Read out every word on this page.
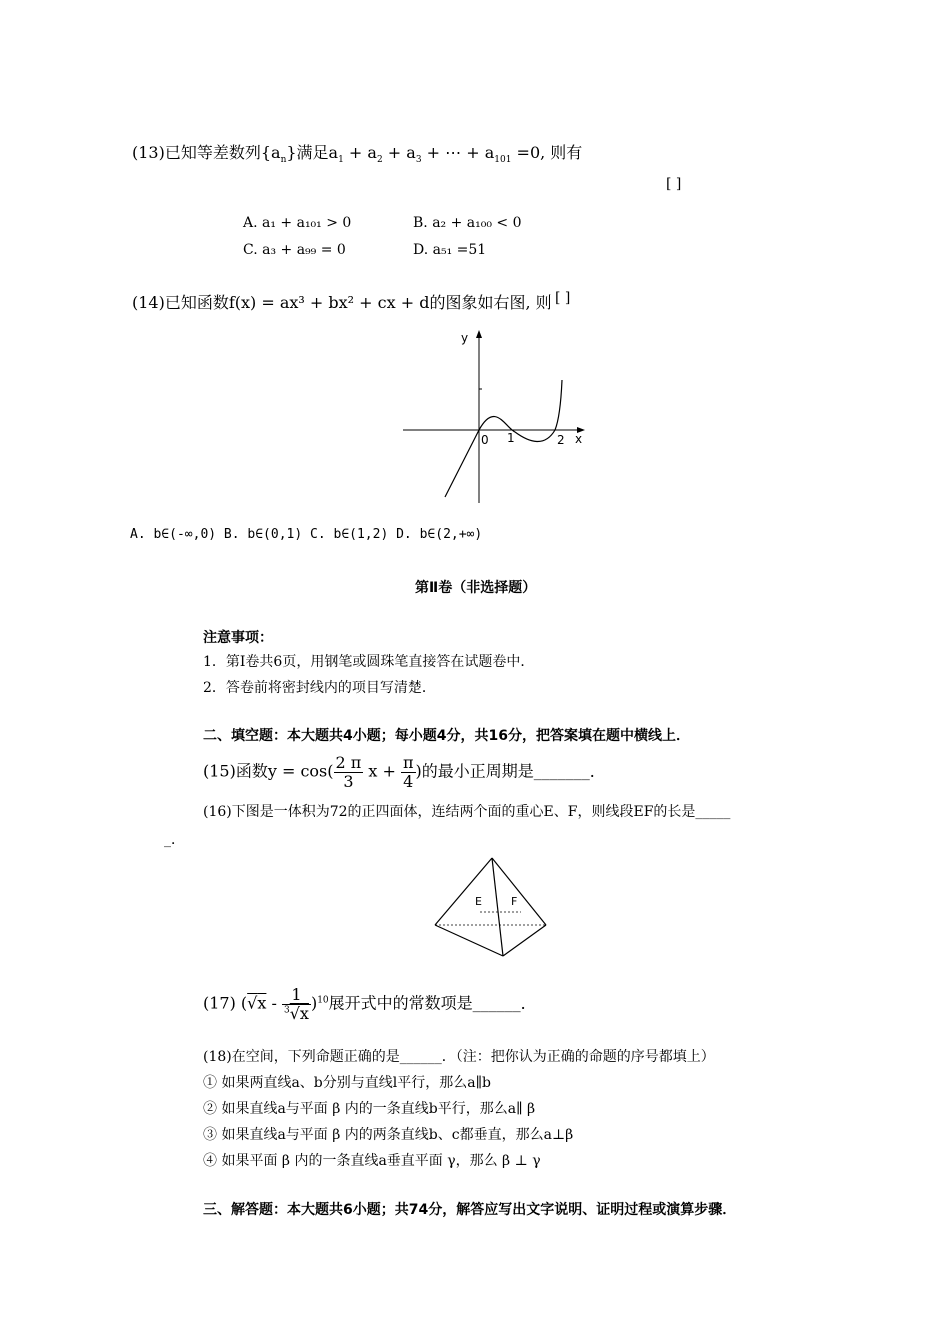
(13)已知等差数列$\{a_n\}$满足$a_1 + a_2 + a_3$ + ⋯ + $a_{101} =0$, 则有
[ ]
A. a₁ + a₁₀₁ > 0	B. a₂ + a₁₀₀ < 0
C. a₃ + a₉₉ = 0	D. a₅₁ =51
(14)已知函数f(x) = ax³ + bx² + cx + d的图象如右图, 则 [ ]
y
x
0 1	2
A. b∈(-∞,0) B. b∈(0,1) C. b∈(1,2) D. b∈(2,+∞)
第Ⅱ卷（非选择题）
注意事项：
1．第Ⅰ卷共6页，用钢笔或圆珠笔直接答在试题卷中．
2．答卷前将密封线内的项目写清楚．
二、填空题：本大题共4小题；每小题4分，共16分，把答案填在题中横线上．
(15)函数$y = \cos( \frac{2 \pi}{3}$ $x + \frac{\pi}{4}$ )的最小正周期是_______．
(16)下图是一体积为72的正四面体，连结两个面的重心E、F，则线段EF的长是_____
_．
E	F
(17) $(√x - \frac{1}{^3√x} )^{10}$展开式中的常数项是______．
(18)在空间，下列命题正确的是______．（注：把你认为正确的命题的序号都填上）
① 如果两直线a、b分别与直线l平行，那么a∥b
② 如果直线a与平面 β 内的一条直线b平行，那么a∥ β
③ 如果直线a与平面 β 内的两条直线b、c都垂直，那么a⊥β
④ 如果平面 β 内的一条直线a垂直平面 γ，那么 β ⊥ γ
三、解答题：本大题共6小题；共74分，解答应写出文字说明、证明过程或演算步骤．
